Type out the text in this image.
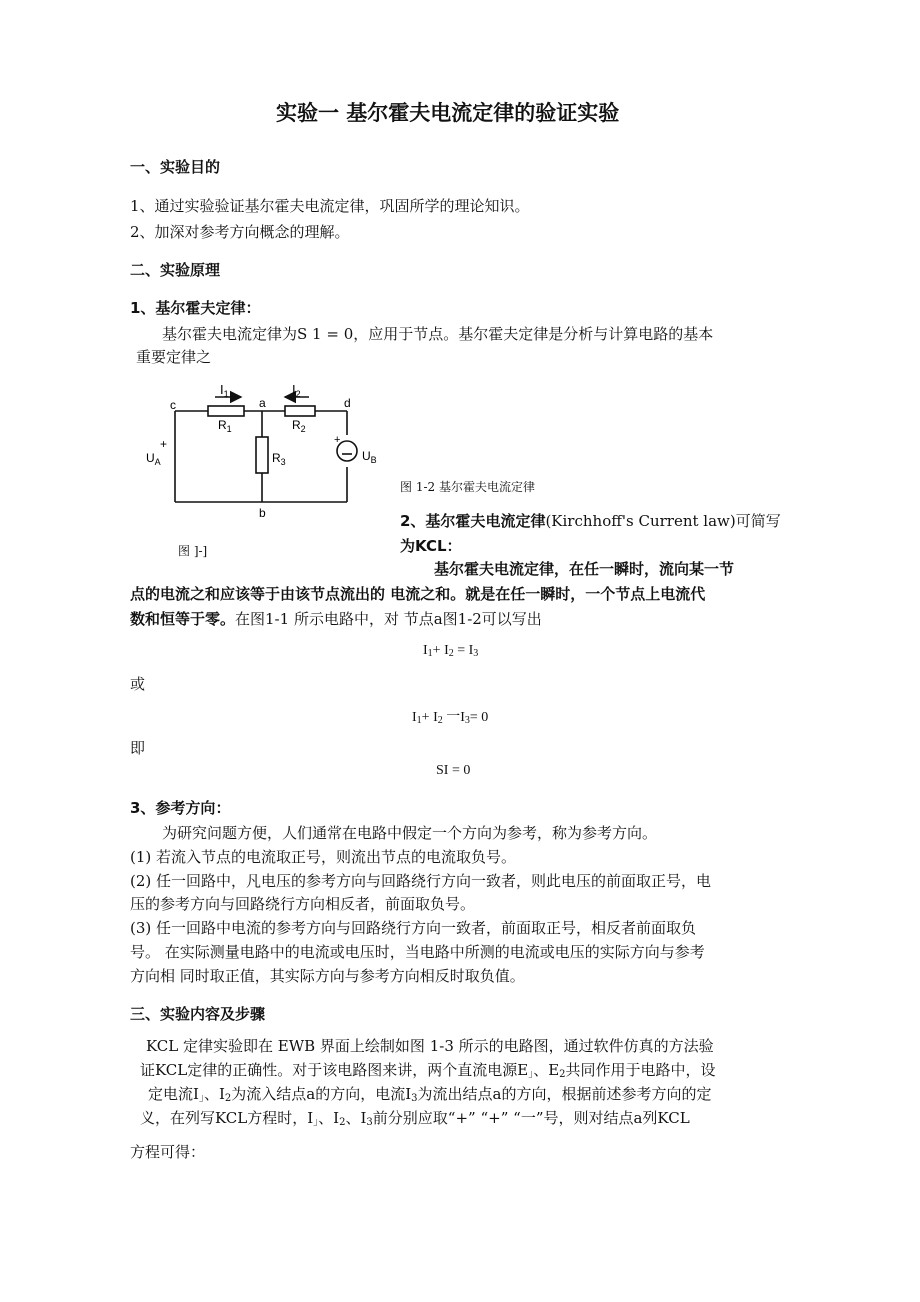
实验一 基尔霍夫电流定律的验证实验
一、实验目的
1、通过实验验证基尔霍夫电流定律，巩固所学的理论知识。
2、加深对参考方向概念的理解。
二、实验原理
1、基尔霍夫定律：
基尔霍夫电流定律为S 1 = 0，应用于节点。基尔霍夫定律是分析与计算电路的基本
重要定律之
c	a	d
b
$I_1$	$I_2$
$R_1$	$R_2$
$R_3$
+
$U_A$
+
$U_B$
图 1-2 基尔霍夫电流定律
图 ]-]
2、基尔霍夫电流定律(Kirchhoff's Current law)可简写
为KCL：
基尔霍夫电流定律，在任一瞬时，流向某一节
点的电流之和应该等于由该节点流出的 电流之和。就是在任一瞬时，一个节点上电流代
数和恒等于零。在图1-1 所示电路中，对 节点a图1-2可以写出
$I_1+ I_2 = I_3$
或
$I_1+ I_2$ 一$I_3= 0$
即
SI = 0
3、参考方向：
为研究问题方便，人们通常在电路中假定一个方向为参考，称为参考方向。
(1) 若流入节点的电流取正号，则流出节点的电流取负号。
(2) 任一回路中，凡电压的参考方向与回路绕行方向一致者，则此电压的前面取正号，电
压的参考方向与回路绕行方向相反者，前面取负号。
(3) 任一回路中电流的参考方向与回路绕行方向一致者，前面取正号，相反者前面取负
号。 在实际测量电路中的电流或电压时，当电路中所测的电流或电压的实际方向与参考
方向相 同时取正值，其实际方向与参考方向相反时取负值。
三、实验内容及步骤
KCL 定律实验即在 EWB 界面上绘制如图 1-3 所示的电路图，通过软件仿真的方法验
证KCL定律的正确性。对于该电路图来讲，两个直流电源$E_」$、$E_2$共同作用于电路中，设
定电流$I_」$、$I_2$为流入结点a的方向，电流$I_3$为流出结点a的方向，根据前述参考方向的定
义，在列写KCL方程时，$I_」$、$I_2$、$I_3$前分别应取“+” “+” “一”号，则对结点a列KCL
方程可得：
